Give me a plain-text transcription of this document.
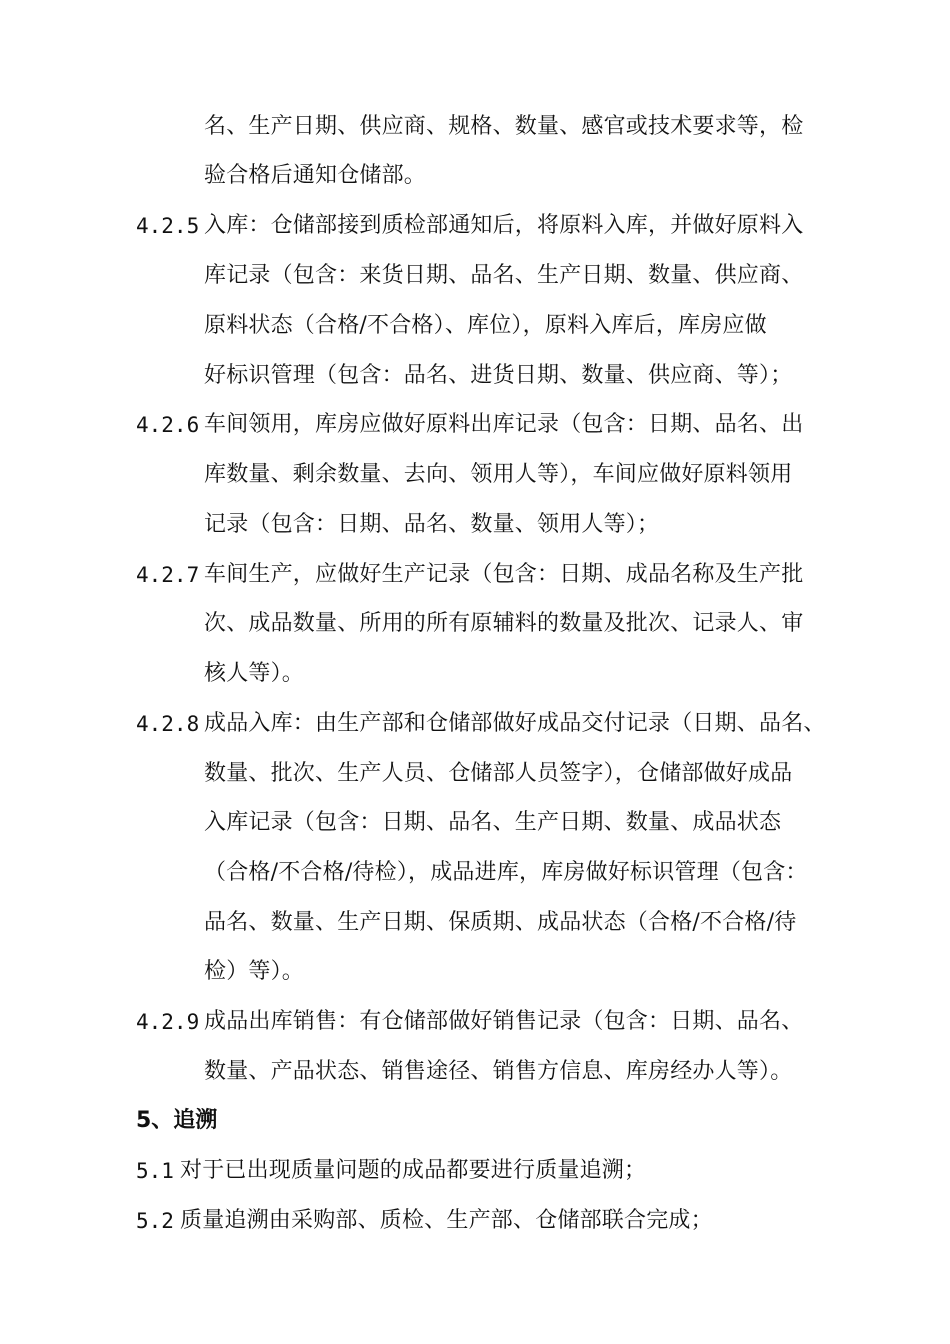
名、生产日期、供应商、规格、数量、感官或技术要求等，检
验合格后通知仓储部。
4.2.5 入库：仓储部接到质检部通知后，将原料入库，并做好原料入
库记录（包含：来货日期、品名、生产日期、数量、供应商、
原料状态（合格/不合格）、库位），原料入库后，库房应做
好标识管理（包含：品名、进货日期、数量、供应商、等）；
4.2.6 车间领用，库房应做好原料出库记录（包含：日期、品名、出
库数量、剩余数量、去向、领用人等），车间应做好原料领用
记录（包含：日期、品名、数量、领用人等）；
4.2.7 车间生产，应做好生产记录（包含：日期、成品名称及生产批
次、成品数量、所用的所有原辅料的数量及批次、记录人、审
核人等）。
4.2.8 成品入库：由生产部和仓储部做好成品交付记录（日期、品名、
数量、批次、生产人员、仓储部人员签字），仓储部做好成品
入库记录（包含：日期、品名、生产日期、数量、成品状态
（合格/不合格/待检），成品进库，库房做好标识管理（包含：
品名、数量、生产日期、保质期、成品状态（合格/不合格/待
检）等）。
4.2.9 成品出库销售：有仓储部做好销售记录（包含：日期、品名、
数量、产品状态、销售途径、销售方信息、库房经办人等）。
5、追溯
5.1 对于已出现质量问题的成品都要进行质量追溯；
5.2 质量追溯由采购部、质检、生产部、仓储部联合完成；
